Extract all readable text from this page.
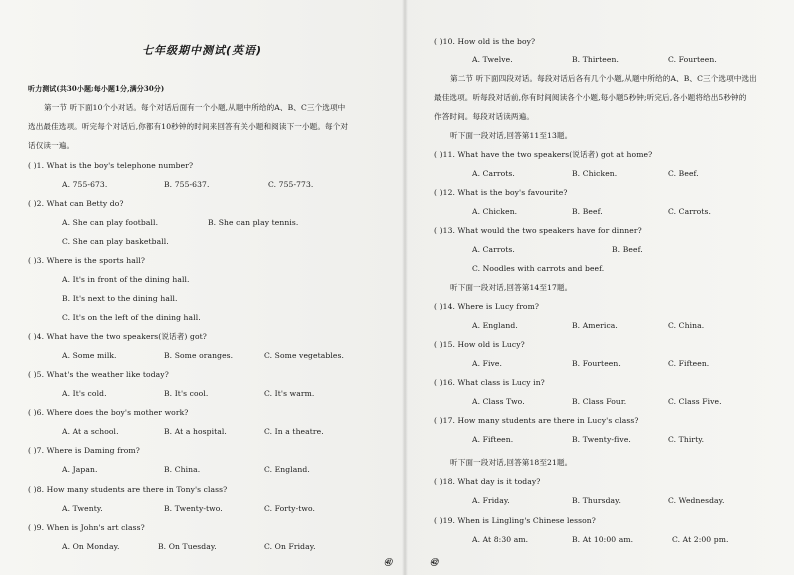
七年级期中测试(英语)
听力测试(共30小题;每小题1分,满分30分)
第一节 听下面10个小对话。每个对话后面有一个小题,从题中所给的A、B、C三个选项中
选出最佳选项。听完每个对话后,你都有10秒钟的时间来回答有关小题和阅读下一小题。每个对
话仅读一遍。
( )1. What is the boy's telephone number?
A. 755-673.	B. 755-637.	C. 755-773.
( )2. What can Betty do?
A. She can play football.	B. She can play tennis.
C. She can play basketball.
( )3. Where is the sports hall?
A. It's in front of the dining hall.
B. It's next to the dining hall.
C. It's on the left of the dining hall.
( )4. What have the two speakers(说话者) got?
A. Some milk.	B. Some oranges.	C. Some vegetables.
( )5. What's the weather like today?
A. It's cold.	B. It's cool.	C. It's warm.
( )6. Where does the boy's mother work?
A. At a school.	B. At a hospital.	C. In a theatre.
( )7. Where is Daming from?
A. Japan.	B. China.	C. England.
( )8. How many students are there in Tony's class?
A. Twenty.	B. Twenty-two.	C. Forty-two.
( )9. When is John's art class?
A. On Monday.	B. On Tuesday.	C. On Friday.
( )10. How old is the boy?
A. Twelve.	B. Thirteen.	C. Fourteen.
第二节 听下面四段对话。每段对话后各有几个小题,从题中所给的A、B、C三个选项中选出
最佳选项。听每段对话前,你有时间阅读各个小题,每小题5秒钟;听完后,各小题将给出5秒钟的
作答时间。每段对话读两遍。
听下面一段对话,回答第11至13题。
( )11. What have the two speakers(说话者) got at home?
A. Carrots.	B. Chicken.	C. Beef.
( )12. What is the boy's favourite?
A. Chicken.	B. Beef.	C. Carrots.
( )13. What would the two speakers have for dinner?
A. Carrots.	B. Beef.
C. Noodles with carrots and beef.
听下面一段对话,回答第14至17题。
( )14. Where is Lucy from?
A. England.	B. America.	C. China.
( )15. How old is Lucy?
A. Five.	B. Fourteen.	C. Fifteen.
( )16. What class is Lucy in?
A. Class Two.	B. Class Four.	C. Class Five.
( )17. How many students are there in Lucy's class?
A. Fifteen.	B. Twenty-five.	C. Thirty.
听下面一段对话,回答第18至21题。
( )18. What day is it today?
A. Friday.	B. Thursday.	C. Wednesday.
( )19. When is Lingling's Chinese lesson?
A. At 8:30 am.	B. At 10:00 am.	C. At 2:00 pm.
㊶	㊷
